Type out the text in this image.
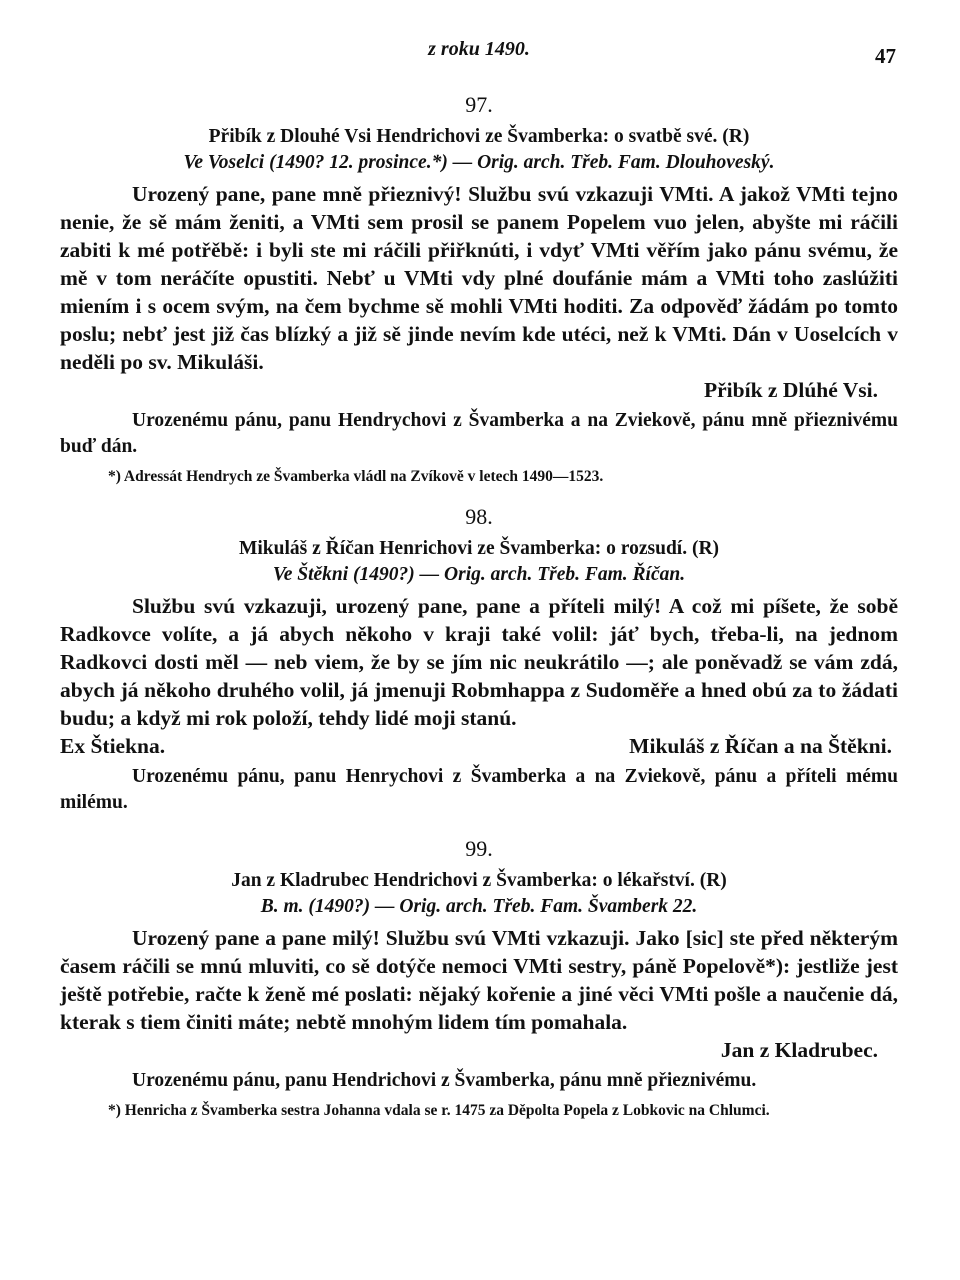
z roku 1490.	47
97.
Přibík z Dlouhé Vsi Hendrichovi ze Švamberka: o svatbě své. (R)
Ve Voselci (1490? 12. prosince.*) — Orig. arch. Třeb. Fam. Dlouhoveský.

Urozený pane, pane mně přieznivý! Službu svú vzkazuji VMti. A jakož VMti tejno nenie, že sě mám ženiti, a VMti sem prosil se panem Popelem vuo jelen, abyšte mi ráčili zabiti k mé potřěbě: i byli ste mi ráčili přiřknúti, i vdyť VMti věřím jako pánu svému, že mě v tom neráčíte opustiti. Nebť u VMti vdy plné doufánie mám a VMti toho zaslúžiti miením i s ocem svým, na čem bychme sě mohli VMti hoditi. Za odpověď žádám po tomto poslu; nebť jest již čas blízký a již sě jinde nevím kde utéci, než k VMti. Dán v Uoselcích v neděli po sv. Mikuláši.

Přibík z Dlúhé Vsi.

Urozenému pánu, panu Hendrychovi z Švamberka a na Zviekově, pánu mně přieznivému buď dán.

*) Adressát Hendrych ze Švamberka vládl na Zvíkově v letech 1490—1523.
98.
Mikuláš z Říčan Henrichovi ze Švamberka: o rozsudí. (R)
Ve Štěkni (1490?) — Orig. arch. Třeb. Fam. Říčan.

Službu svú vzkazuji, urozený pane, pane a příteli milý! A což mi píšete, že sobě Radkovce volíte, a já abych někoho v kraji také volil: jáť bych, třeba-li, na jednom Radkovci dosti měl — neb viem, že by se jím nic neukrátilo —; ale poněvadž se vám zdá, abych já někoho druhého volil, já jmenuji Robmhappa z Sudoměře a hned obú za to žádati budu; a když mi rok položí, tehdy lidé moji stanú.

Ex Štiekna.	Mikuláš z Říčan a na Štěkni.

Urozenému pánu, panu Henrychovi z Švamberka a na Zviekově, pánu a příteli mému milému.

99.
Jan z Kladrubec Hendrichovi z Švamberka: o lékařství. (R)
B. m. (1490?) — Orig. arch. Třeb. Fam. Švamberk 22.

Urozený pane a pane milý! Službu svú VMti vzkazuji. Jako [sic] ste před některým časem ráčili se mnú mluviti, co sě dotýče nemoci VMti sestry, páně Popelově*): jestliže jest ještě potřebie, račte k ženě mé poslati: nějaký kořenie a jiné věci VMti pošle a naučenie dá, kterak s tiem činiti máte; nebtě mnohým lidem tím pomahala.

Jan z Kladrubec.

Urozenému pánu, panu Hendrichovi z Švamberka, pánu mně přieznivému.

*) Henricha z Švamberka sestra Johanna vdala se r. 1475 za Děpolta Popela z Lobkovic na Chlumci.
